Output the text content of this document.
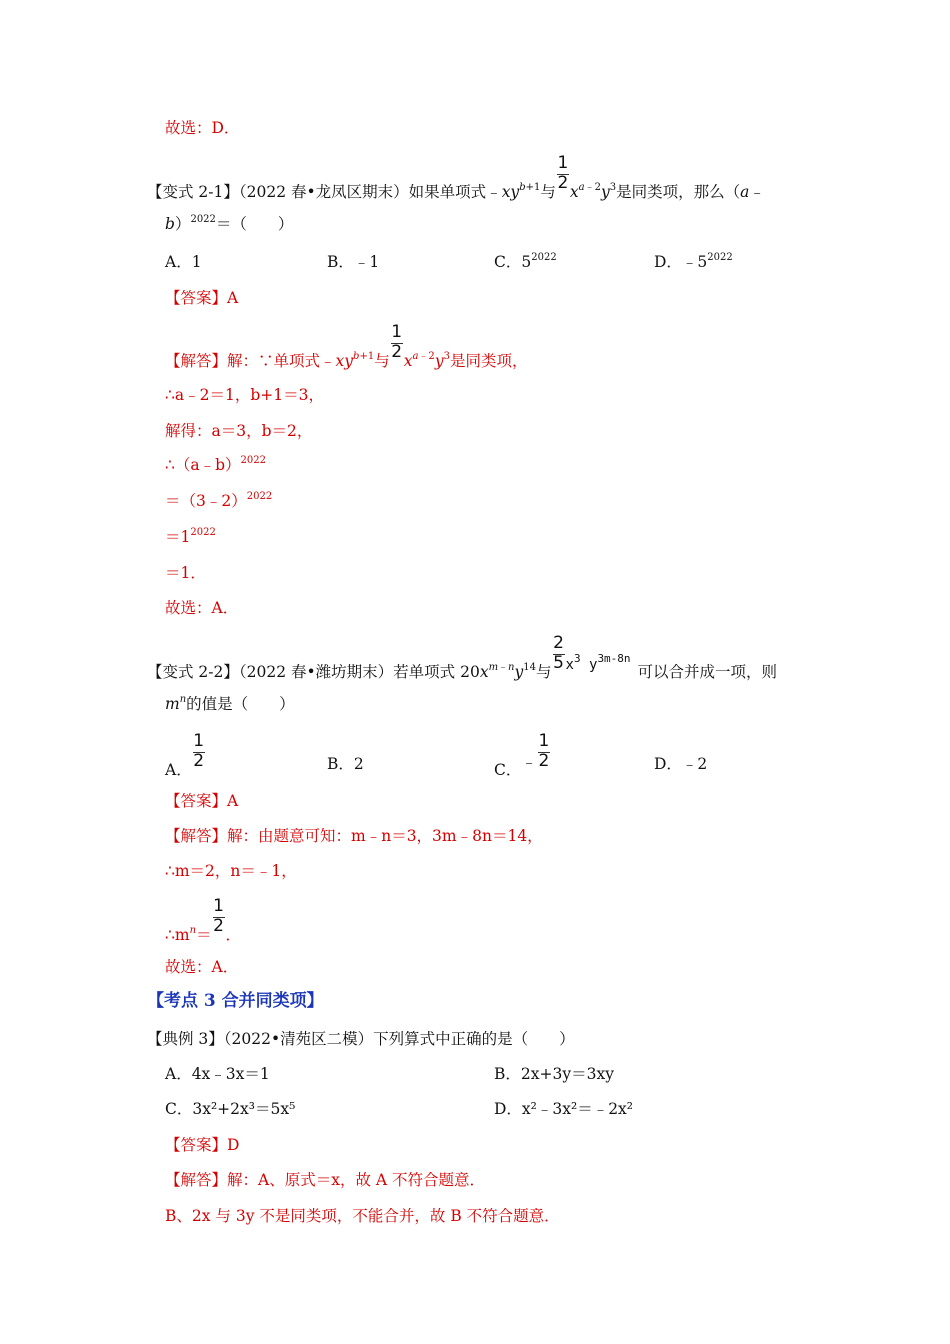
故选：D．
【变式 2-1】（2022 春•龙凤区期末）如果单项式$﹣xy^{b+1}$与 $\frac{1}{2} x^{a﹣2}y^3$是同类项，那么（a﹣
b）$^{2022}$＝（　　）
A．1	B．﹣1	C．$5^{2022}$	D．$﹣5^{2022}$
【答案】A
【解答】解：∵单项式$﹣xy^{b+1}$与 $\frac{1}{2} x^{a﹣2}y^3$是同类项，
∴a﹣2＝1，b+1＝3，
解得：a＝3，b＝2，
∴（a﹣b）$^{2022}$
＝（3﹣2）$^{2022}$
$=1^{2022}$
＝1．
故选：A．
【变式 2-2】（2022 春•潍坊期末）若单项式 $20x^{m﹣n}y^{14}$与 $\frac{2}{5} x^3$ $y^{3m-8n}$可以合并成一项，则
$m^n$的值是（　　）
A． $\frac{1}{2}$	B．2	C．﹣ $\frac{1}{2}$	D．﹣2
【答案】A
【解答】解：由题意可知：m﹣n＝3，3m﹣8n＝14，
∴m＝2，n＝﹣1，
$\therefore m^n= \frac{1}{2}$ ．
故选：A．
【考点 3 合并同类项】
【典例 3】（2022•清苑区二模）下列算式中正确的是（　　）
A．4x﹣3x＝1	B．2x+3y＝3xy
C．3x²+2x³＝5x⁵	D．x²﹣3x²＝﹣2x²
【答案】D
【解答】解：A、原式＝x，故 A 不符合题意．
B、2x 与 3y 不是同类项，不能合并，故 B 不符合题意．
